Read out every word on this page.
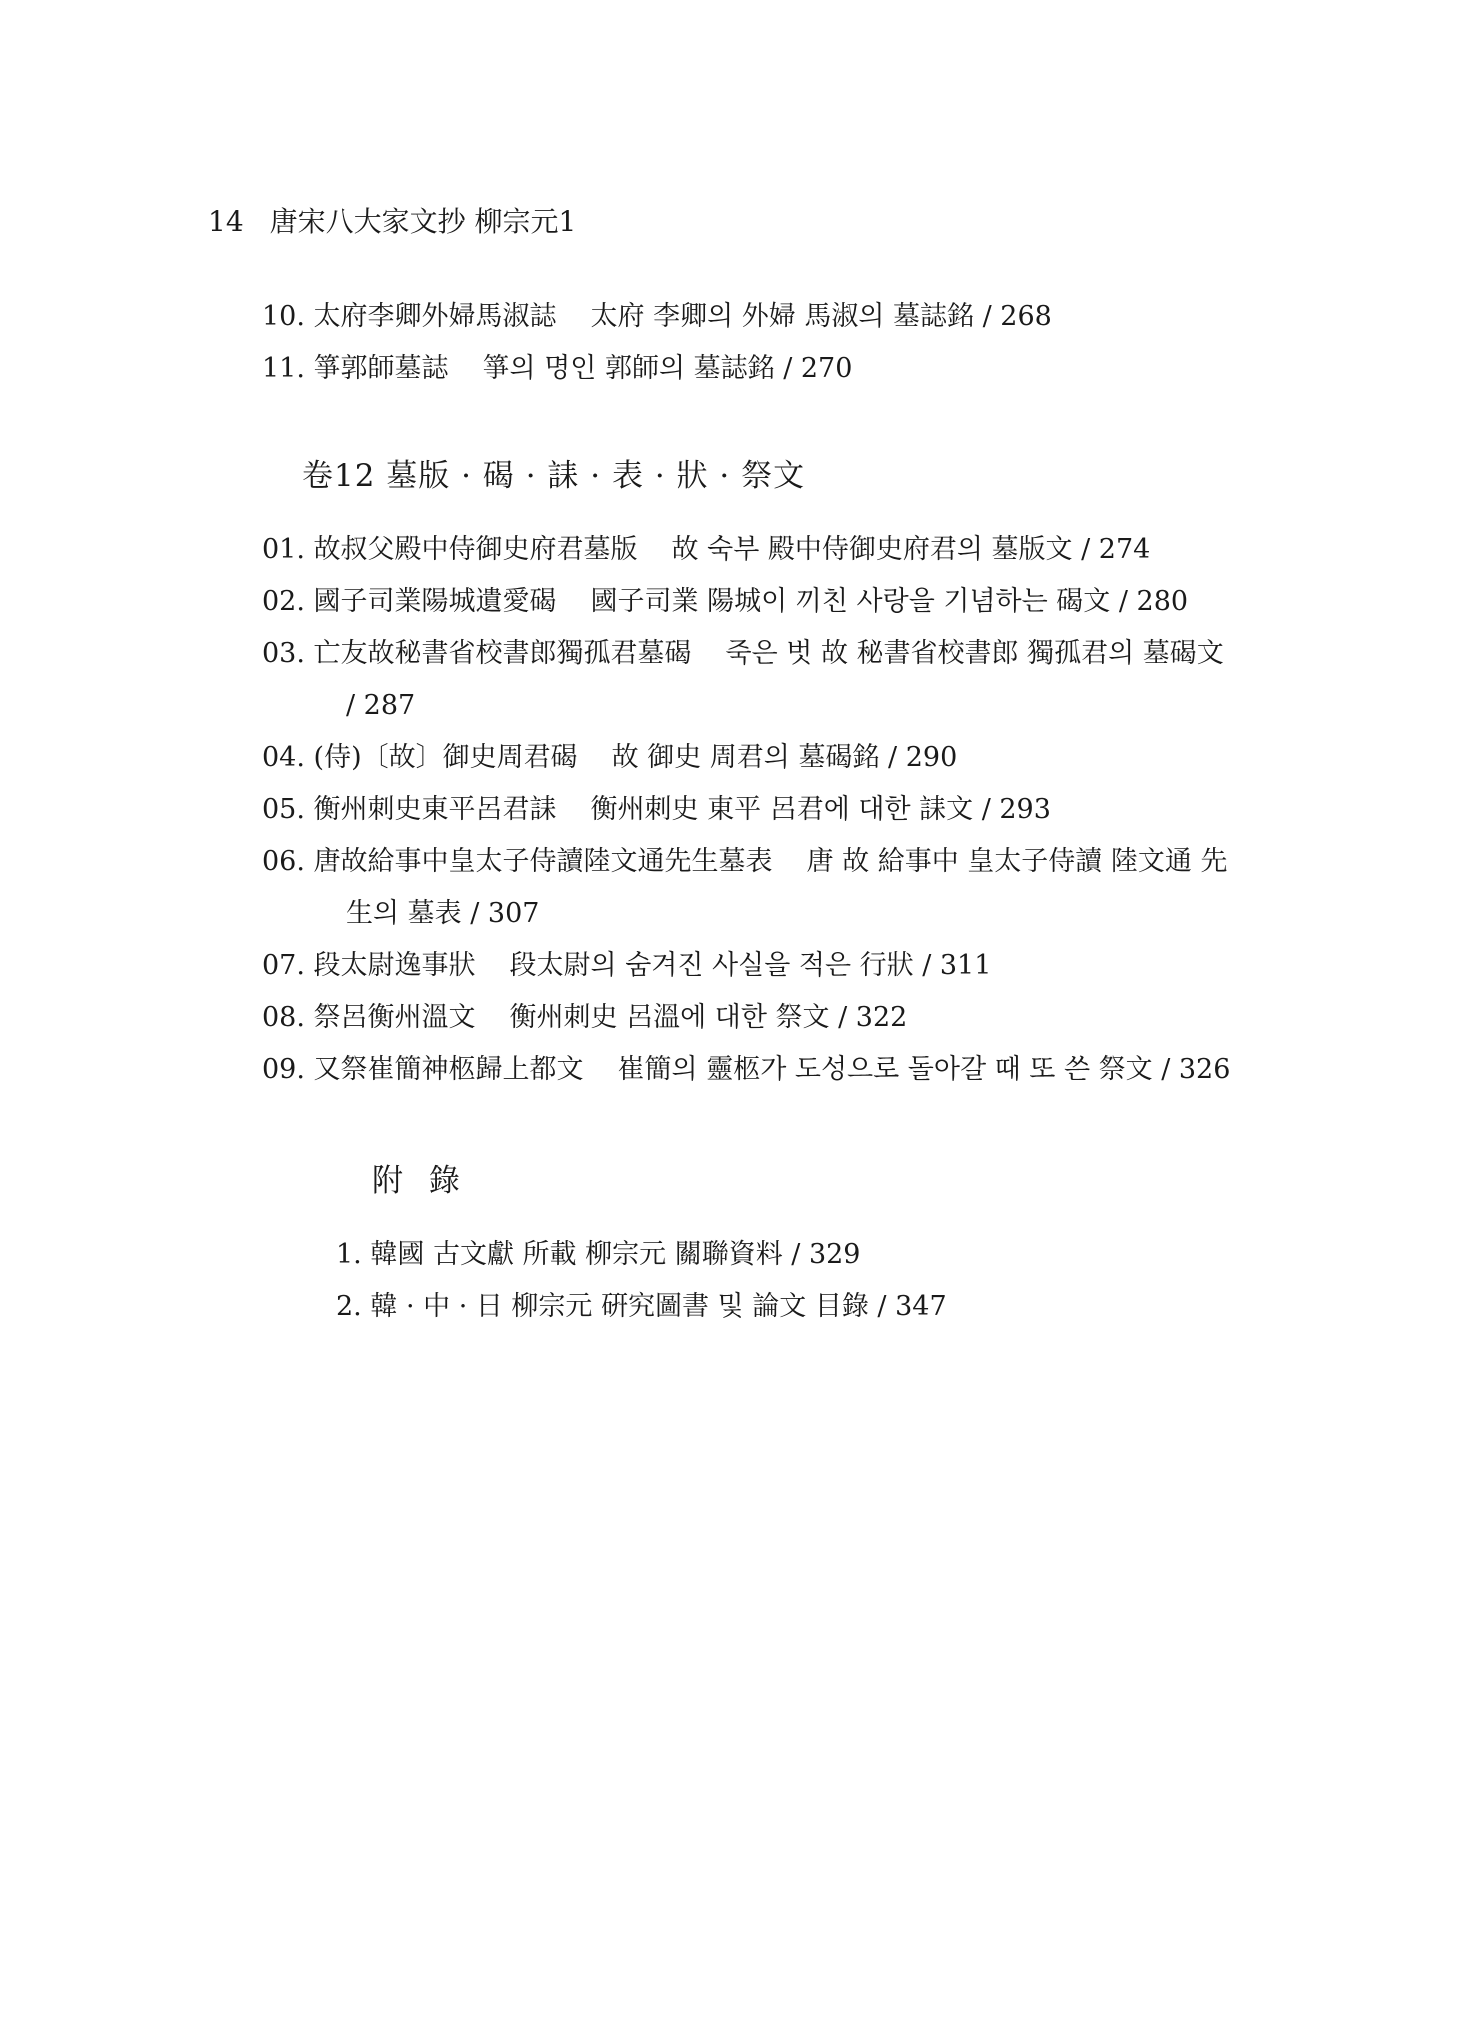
14 唐宋八大家文抄 柳宗元1
10. 太府李卿外婦馬淑誌 太府 李卿의 外婦 馬淑의 墓誌銘 / 268
11. 箏郭師墓誌 箏의 명인 郭師의 墓誌銘 / 270
卷12 墓版 · 碣 · 誄 · 表 · 狀 · 祭文
01. 故叔父殿中侍御史府君墓版 故 숙부 殿中侍御史府君의 墓版文 / 274
02. 國子司業陽城遺愛碣 國子司業 陽城이 끼친 사랑을 기념하는 碣文 / 280
03. 亡友故秘書省校書郎獨孤君墓碣 죽은 벗 故 秘書省校書郎 獨孤君의 墓碣文
/ 287
04. (侍)〔故〕御史周君碣 故 御史 周君의 墓碣銘 / 290
05. 衡州刺史東平呂君誄 衡州刺史 東平 呂君에 대한 誄文 / 293
06. 唐故給事中皇太子侍讀陸文通先生墓表 唐 故 給事中 皇太子侍讀 陸文通 先
生의 墓表 / 307
07. 段太尉逸事狀 段太尉의 숨겨진 사실을 적은 行狀 / 311
08. 祭呂衡州溫文 衡州刺史 呂溫에 대한 祭文 / 322
09. 又祭崔簡神柩歸上都文 崔簡의 靈柩가 도성으로 돌아갈 때 또 쓴 祭文 / 326
附 錄
1. 韓國 古文獻 所載 柳宗元 關聯資料 / 329
2. 韓 · 中 · 日 柳宗元 硏究圖書 및 論文 目錄 / 347
